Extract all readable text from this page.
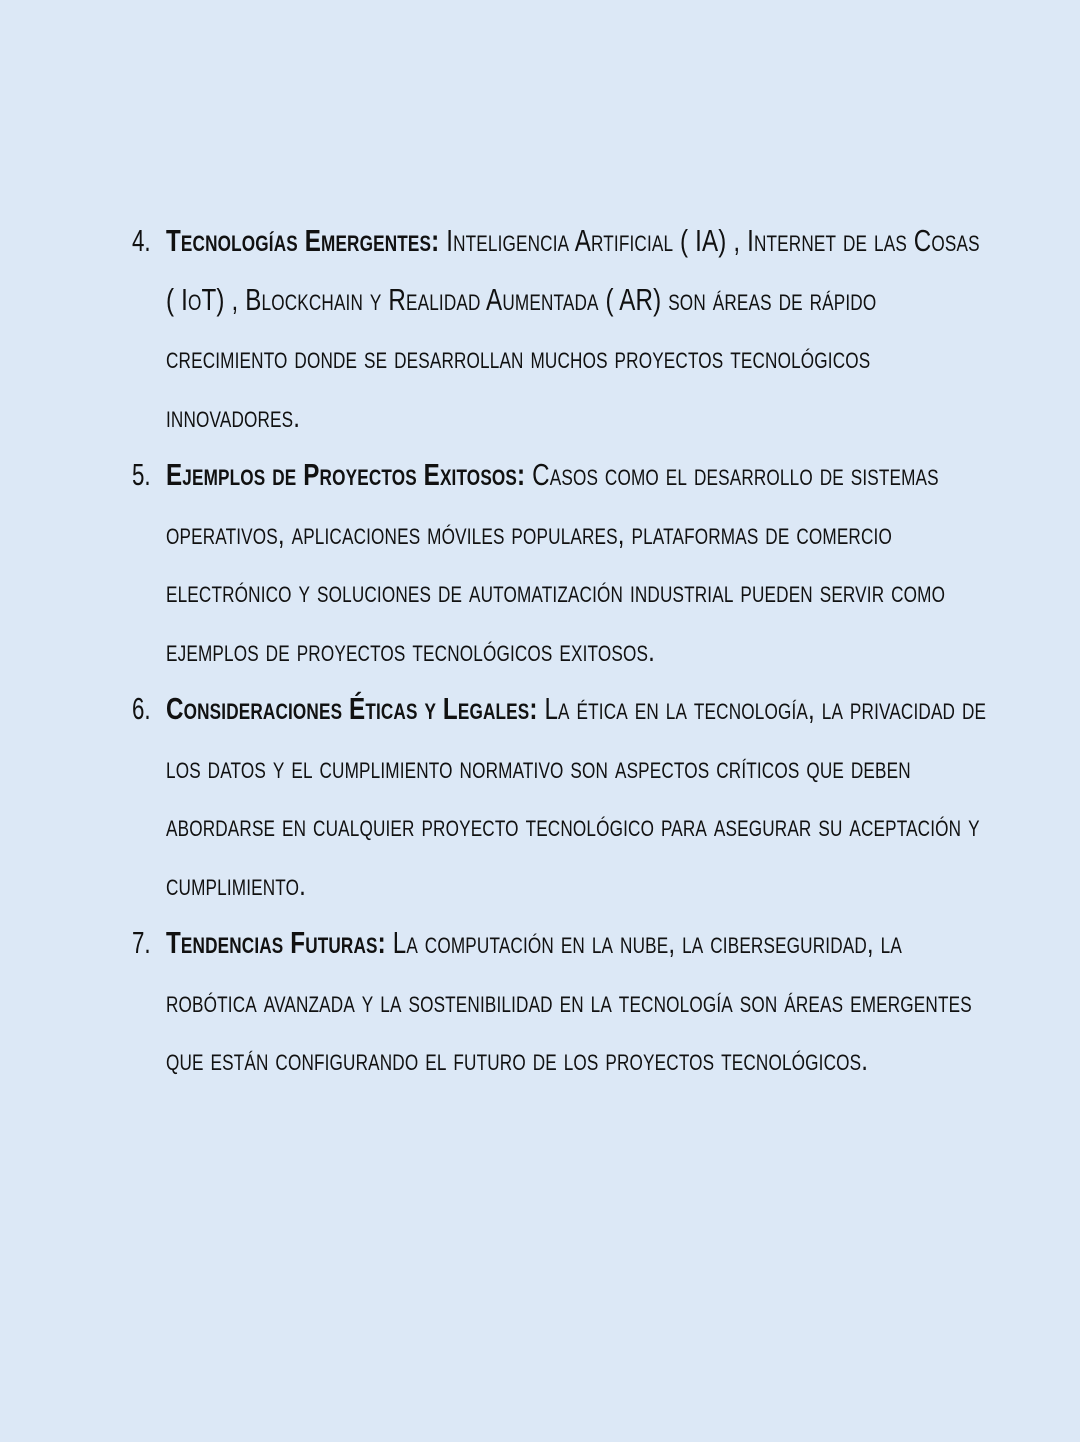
4. Tecnologías Emergentes: Inteligencia Artificial ( IA) , Internet de las Cosas ( IoT) , Blockchain y Realidad Aumentada ( AR) son áreas de rápido crecimiento donde se desarrollan muchos proyectos tecnológicos innovadores.
5. Ejemplos de Proyectos Exitosos: Casos como el desarrollo de sistemas operativos, aplicaciones móviles populares, plataformas de comercio electrónico y soluciones de automatización industrial pueden servir como ejemplos de proyectos tecnológicos exitosos.
6. Consideraciones Éticas y Legales: La ética en la tecnología, la privacidad de los datos y el cumplimiento normativo son aspectos críticos que deben abordarse en cualquier proyecto tecnológico para asegurar su aceptación y cumplimiento.
7. Tendencias Futuras: La computación en la nube, la ciberseguridad, la robótica avanzada y la sostenibilidad en la tecnología son áreas emergentes que están configurando el futuro de los proyectos tecnológicos.
